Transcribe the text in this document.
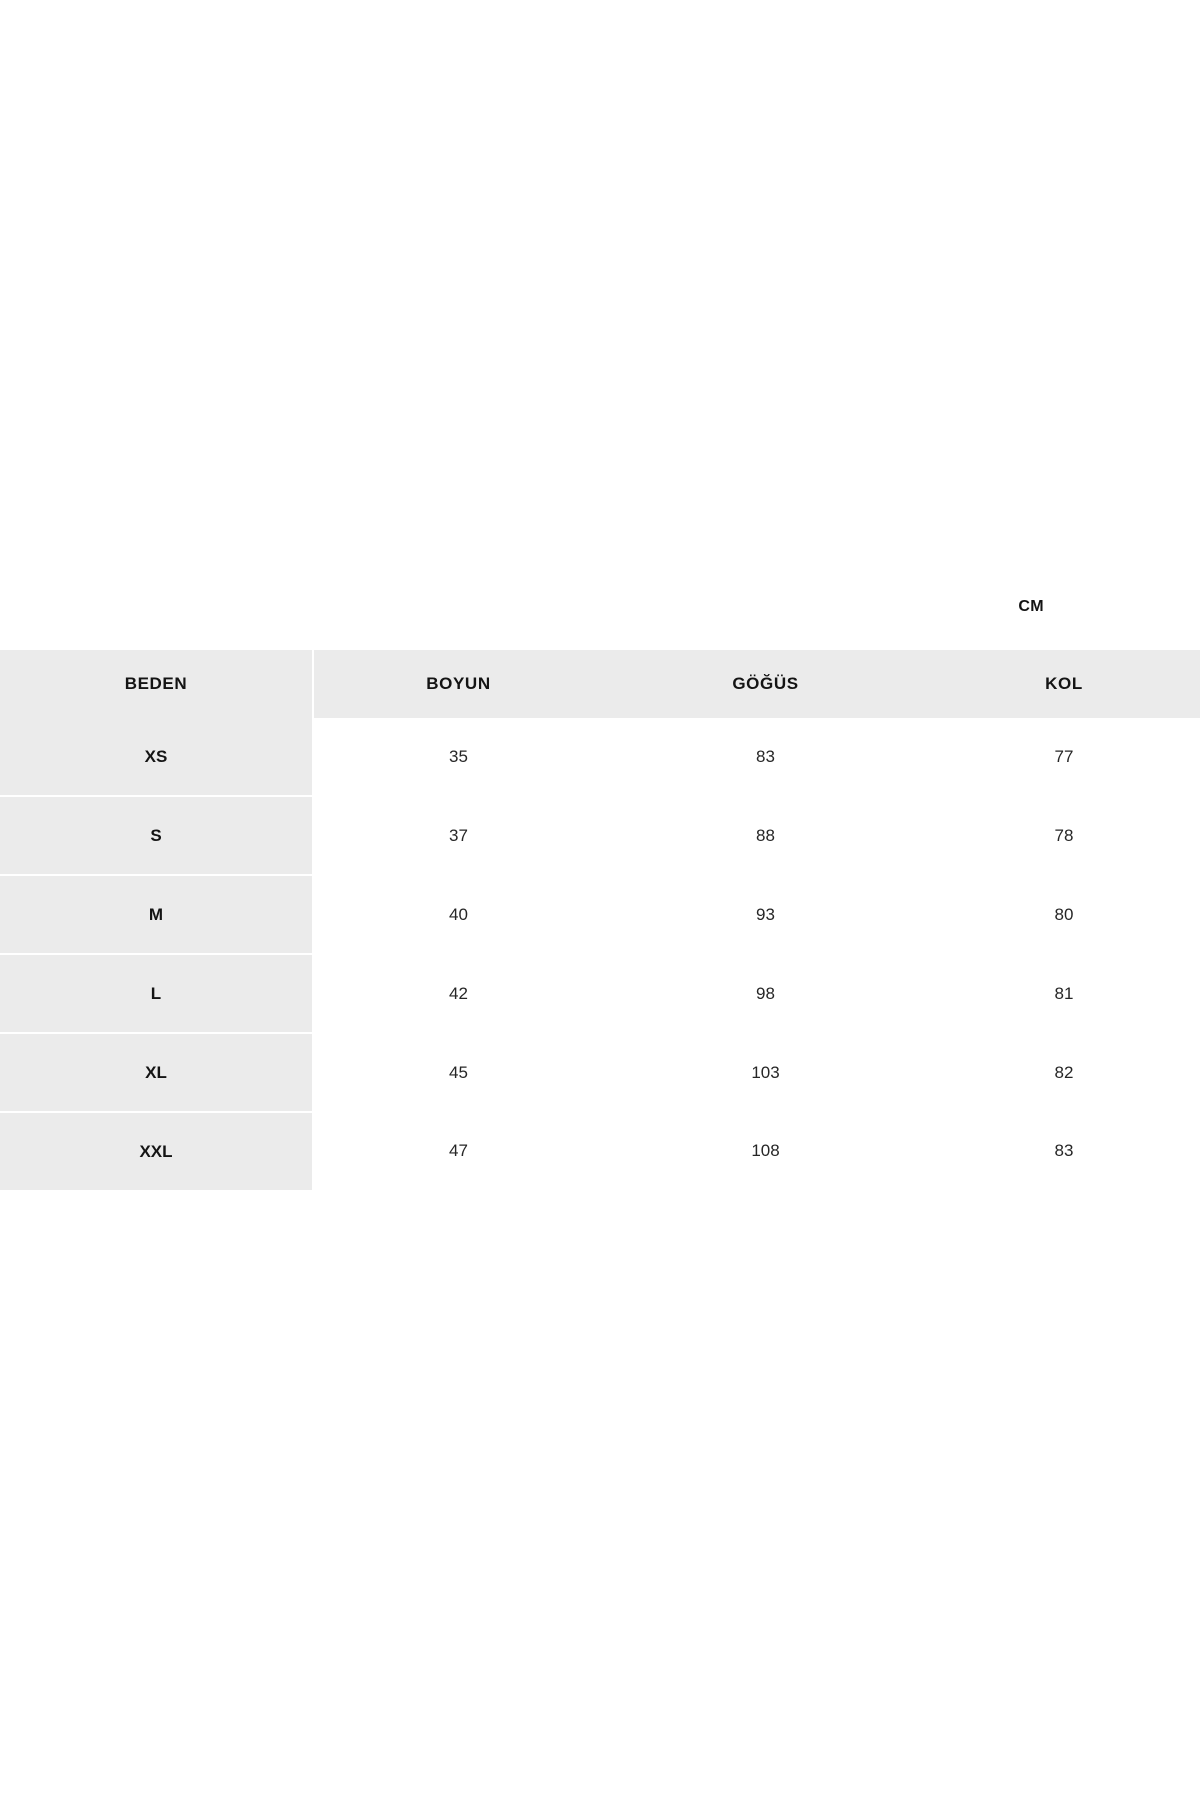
CM
BEDEN	BOYUN	GÖĞÜS	KOL
XS	35	83	77
S	37	88	78
M	40	93	80
L	42	98	81
XL	45	103	82
XXL	47	108	83
